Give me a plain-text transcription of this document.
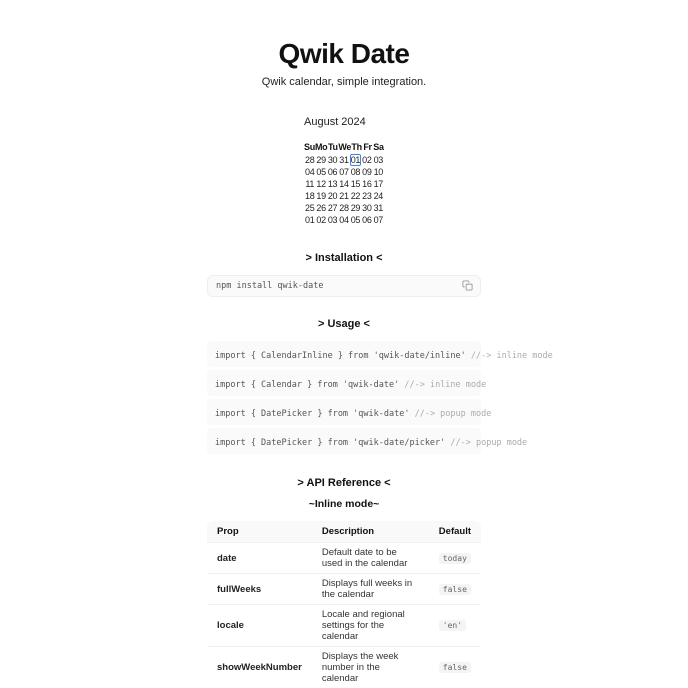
Qwik Date

Qwik calendar, simple integration.

August 2024
Su Mo Tu We Th Fr Sa
28 29 30 31 01 02 03
04 05 06 07 08 09 10
11 12 13 14 15 16 17
18 19 20 21 22 23 24
25 26 27 28 29 30 31
01 02 03 04 05 06 07
> Installation <
npm install qwik-date
> Usage <
import { CalendarInline } from 'qwik-date/inline' //-> inline mode
import { Calendar } from 'qwik-date' //-> inline mode
import { DatePicker } from 'qwik-date' //-> popup mode
import { DatePicker } from 'qwik-date/picker' //-> popup mode
> API Reference <
~Inline mode~
Prop	Description	Default
date	Default date to be used in the calendar	today
fullWeeks	Displays full weeks in the calendar	false
locale	Locale and regional settings for the calendar	'en'
showWeekNumber	Displays the week number in the calendar	false
